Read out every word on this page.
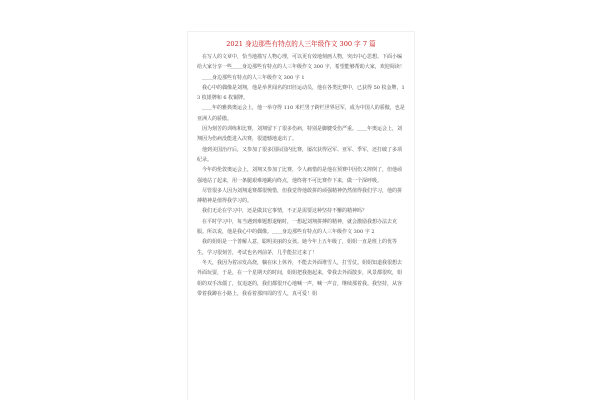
2021 身边那些有特点的人三年级作文 300 字 7 篇

在写人的文章中，恰当地描写人物心理，可以更有效地刻画人物，突出中心思想。下面小编给大家分享一些＿＿身边那些有特点的人三年级作文 300 字，希望能够帮助大家，欢迎阅读！

＿＿身边那些有特点的人三年级作文 300 字 1

我心中的偶像是刘翔，他是举世闻名的田径运动员，他在各类比赛中，已获得 50 枚金牌，13 枚银牌和 6 枚铜牌。

＿＿年的雅典奥运会上，他一举夺得 110 米栏男子跨栏世界冠军，成为中国人的骄傲，也是亚洲人的骄傲。

因为刻苦的训练和比赛，刘翔留下了很多伤病，特别是脚腱受伤严重。＿＿年奥运会上，刘翔因为伤病没能进入决赛，很遗憾地退出了。

他到美国治疗后，又参加了很多国际国内比赛，屡次获得冠军、亚军、季军，还打破了多项纪录。

今年的伦敦奥运会上，刘翔又参加了比赛，令人痛惜的是他在预赛中因伤又摔倒了，但他顽强地站了起来，用一条腿艰难地跳向终点，他终将不可比赛作下来，做一个深呼吸。

尽管很多人因为刘翔退赛都很惋惜，但我觉得他敢拼的顽强精神仍然值得我们学习，他的拼搏精神是值得我学习的。

我们无论在学习中，还是做其它事情，不正是需要这种坚持不懈的精神吗？

在平时学习中，每当遇到难题想退缩时，一想起刘翔拼搏的精神，就会激励我想办法去克服。所以说，他是我心中的偶像。＿＿身边那些有特点的人三年级作文 300 字 2

我的姐姐是一个善解人意，聪明美丽的女孩。她今年上五年级了，姐姐一直是班上的优等生，学习很刻苦，考试也名列前茅，几乎能拉过来了！

冬天，我因为着凉发高烧，躺在床上休养，不能去外面堆雪人，打雪仗。姐姐知道我很想去外面玩耍，于是，在一个星期天的时间，姐姐把我抱起来，带我去外面散步，风景都很吹，姐姐的双手冻僵了，仅追逐的，我们都很开心地喊一声，喊一声音，继续那着我。我坚持，从容带着我蹲在小路上，我看着那四周的雪人，真可爱！姐
